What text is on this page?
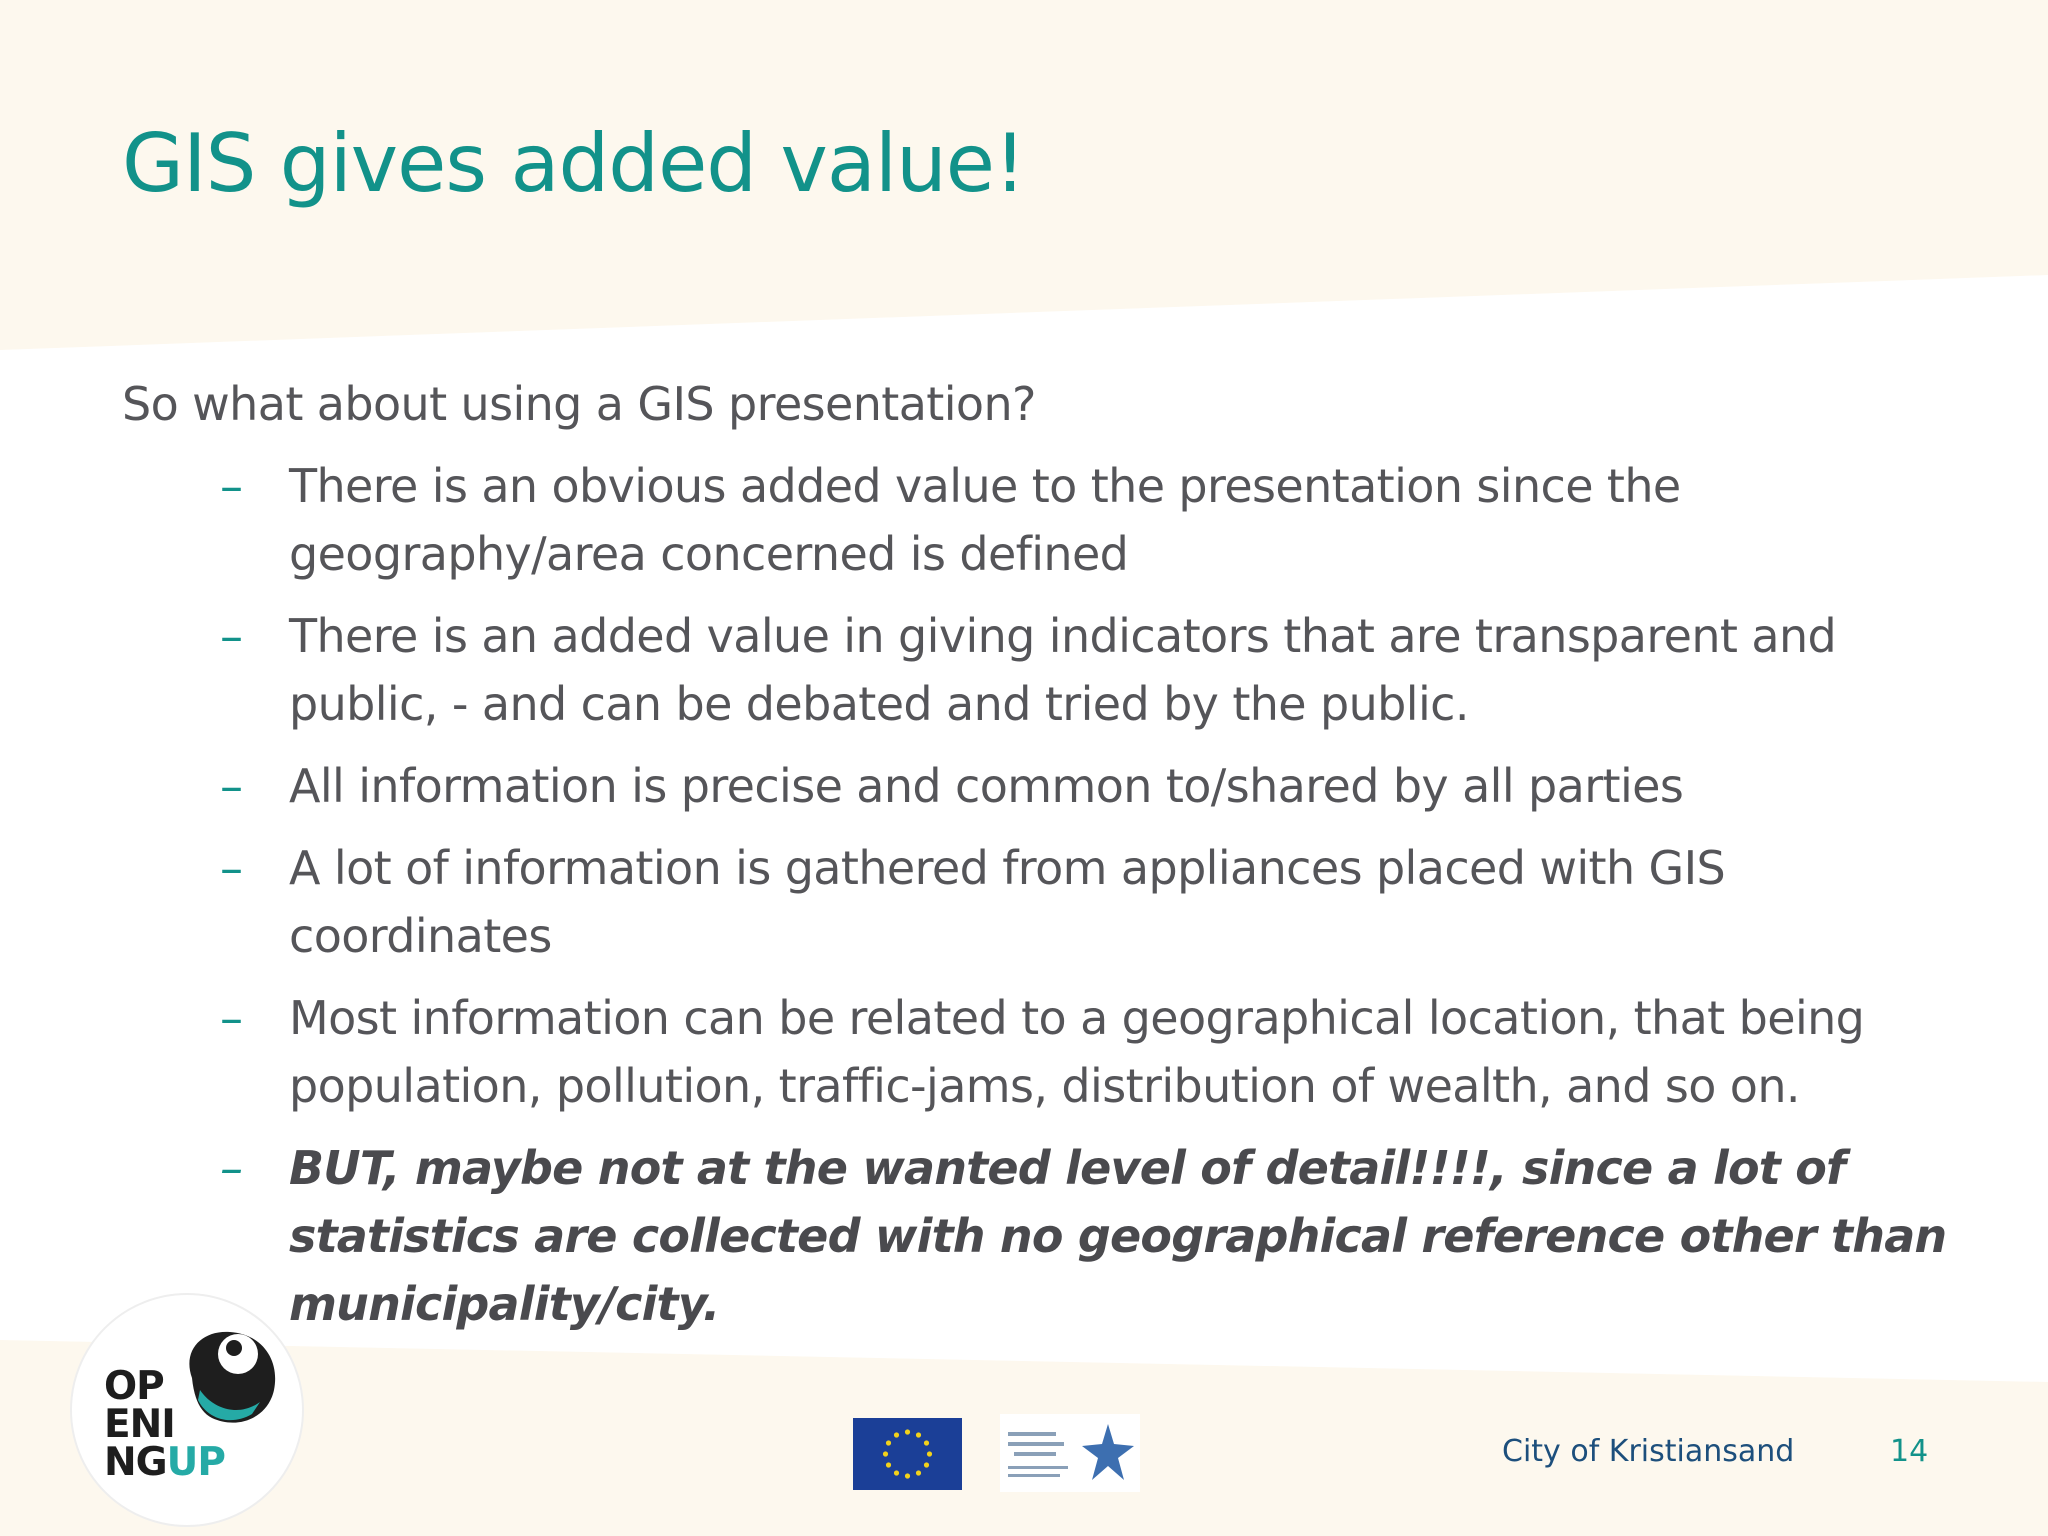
GIS gives added value!

So what about using a GIS presentation?

– There is an obvious added value to the presentation since the geography/area concerned is defined
– There is an added value in giving indicators that are transparent and public, - and can be debated and tried by the public.
– All information is precise and common to/shared by all parties
– A lot of information is gathered from appliances placed with GIS coordinates
– Most information can be related to a geographical location, that being population, pollution, traffic-jams, distribution of wealth, and so on.
– BUT, maybe not at the wanted level of detail!!!!, since a lot of statistics are collected with no geographical reference other than municipality/city.
OP
ENI
NGUP	City of Kristiansand	14
